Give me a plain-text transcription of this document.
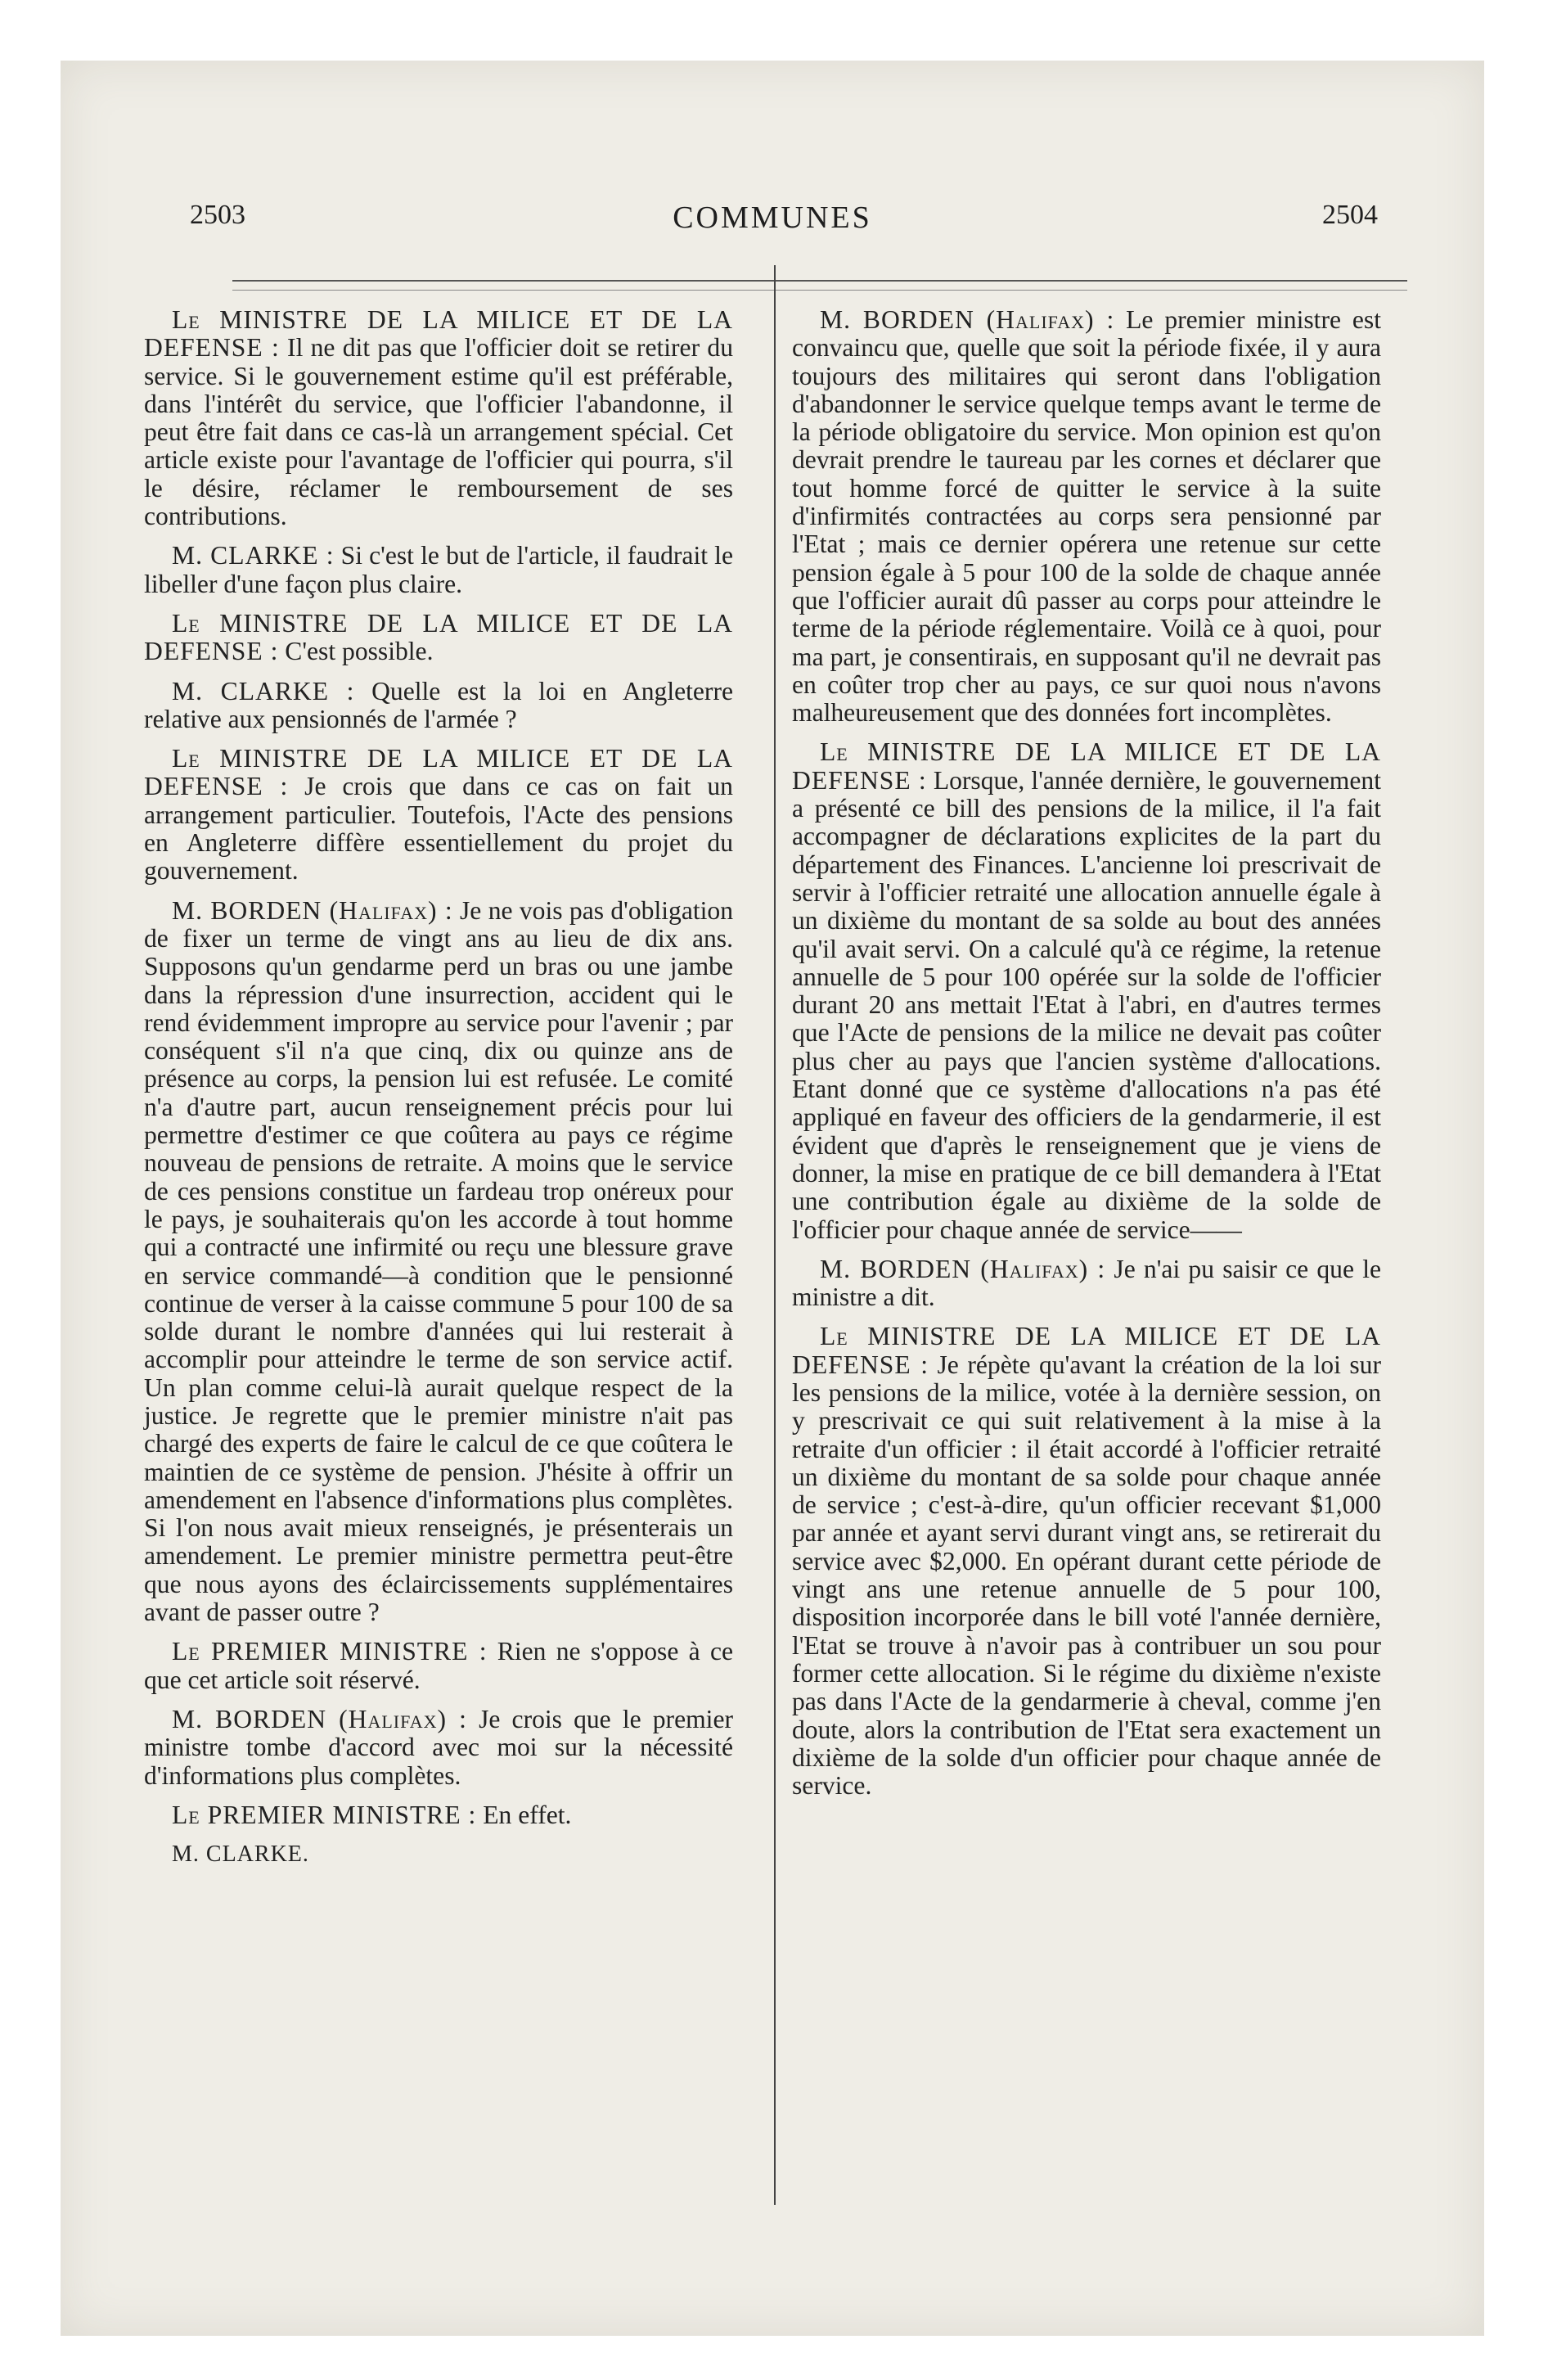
2503	COMMUNES	2504

Le MINISTRE DE LA MILICE ET DE LA DEFENSE : Il ne dit pas que l'officier doit se retirer du service. Si le gouvernement estime qu'il est préférable, dans l'intérêt du service, que l'officier l'abandonne, il peut être fait dans ce cas-là un arrangement spécial. Cet article existe pour l'avantage de l'officier qui pourra, s'il le désire, réclamer le remboursement de ses contributions.

M. CLARKE : Si c'est le but de l'article, il faudrait le libeller d'une façon plus claire.

Le MINISTRE DE LA MILICE ET DE LA DEFENSE : C'est possible.

M. CLARKE : Quelle est la loi en Angleterre relative aux pensionnés de l'armée ?

Le MINISTRE DE LA MILICE ET DE LA DEFENSE : Je crois que dans ce cas on fait un arrangement particulier. Toutefois, l'Acte des pensions en Angleterre diffère essentiellement du projet du gouvernement.

M. BORDEN (Halifax) : Je ne vois pas d'obligation de fixer un terme de vingt ans au lieu de dix ans. Supposons qu'un gendarme perd un bras ou une jambe dans la répression d'une insurrection, accident qui le rend évidemment impropre au service pour l'avenir ; par conséquent s'il n'a que cinq, dix ou quinze ans de présence au corps, la pension lui est refusée. Le comité n'a d'autre part, aucun renseignement précis pour lui permettre d'estimer ce que coûtera au pays ce régime nouveau de pensions de retraite. A moins que le service de ces pensions constitue un fardeau trop onéreux pour le pays, je souhaiterais qu'on les accorde à tout homme qui a contracté une infirmité ou reçu une blessure grave en service commandé—à condition que le pensionné continue de verser à la caisse commune 5 pour 100 de sa solde durant le nombre d'années qui lui resterait à accomplir pour atteindre le terme de son service actif. Un plan comme celui-là aurait quelque respect de la justice. Je regrette que le premier ministre n'ait pas chargé des experts de faire le calcul de ce que coûtera le maintien de ce système de pension. J'hésite à offrir un amendement en l'absence d'informations plus complètes. Si l'on nous avait mieux renseignés, je présenterais un amendement. Le premier ministre permettra peut-être que nous ayons des éclaircissements supplémentaires avant de passer outre ?

Le PREMIER MINISTRE : Rien ne s'oppose à ce que cet article soit réservé.

M. BORDEN (Halifax) : Je crois que le premier ministre tombe d'accord avec moi sur la nécessité d'informations plus complètes.

Le PREMIER MINISTRE : En effet.

M. CLARKE.

M. BORDEN (Halifax) : Le premier ministre est convaincu que, quelle que soit la période fixée, il y aura toujours des militaires qui seront dans l'obligation d'abandonner le service quelque temps avant le terme de la période obligatoire du service. Mon opinion est qu'on devrait prendre le taureau par les cornes et déclarer que tout homme forcé de quitter le service à la suite d'infirmités contractées au corps sera pensionné par l'Etat ; mais ce dernier opérera une retenue sur cette pension égale à 5 pour 100 de la solde de chaque année que l'officier aurait dû passer au corps pour atteindre le terme de la période réglementaire. Voilà ce à quoi, pour ma part, je consentirais, en supposant qu'il ne devrait pas en coûter trop cher au pays, ce sur quoi nous n'avons malheureusement que des données fort incomplètes.

Le MINISTRE DE LA MILICE ET DE LA DEFENSE : Lorsque, l'année dernière, le gouvernement a présenté ce bill des pensions de la milice, il l'a fait accompagner de déclarations explicites de la part du département des Finances. L'ancienne loi prescrivait de servir à l'officier retraité une allocation annuelle égale à un dixième du montant de sa solde au bout des années qu'il avait servi. On a calculé qu'à ce régime, la retenue annuelle de 5 pour 100 opérée sur la solde de l'officier durant 20 ans mettait l'Etat à l'abri, en d'autres termes que l'Acte de pensions de la milice ne devait pas coûter plus cher au pays que l'ancien système d'allocations. Etant donné que ce système d'allocations n'a pas été appliqué en faveur des officiers de la gendarmerie, il est évident que d'après le renseignement que je viens de donner, la mise en pratique de ce bill demandera à l'Etat une contribution égale au dixième de la solde de l'officier pour chaque année de service——

M. BORDEN (Halifax) : Je n'ai pu saisir ce que le ministre a dit.

Le MINISTRE DE LA MILICE ET DE LA DEFENSE : Je répète qu'avant la création de la loi sur les pensions de la milice, votée à la dernière session, on y prescrivait ce qui suit relativement à la mise à la retraite d'un officier : il était accordé à l'officier retraité un dixième du montant de sa solde pour chaque année de service ; c'est-à-dire, qu'un officier recevant $1,000 par année et ayant servi durant vingt ans, se retirerait du service avec $2,000. En opérant durant cette période de vingt ans une retenue annuelle de 5 pour 100, disposition incorporée dans le bill voté l'année dernière, l'Etat se trouve à n'avoir pas à contribuer un sou pour former cette allocation. Si le régime du dixième n'existe pas dans l'Acte de la gendarmerie à cheval, comme j'en doute, alors la contribution de l'Etat sera exactement un dixième de la solde d'un officier pour chaque année de service.
